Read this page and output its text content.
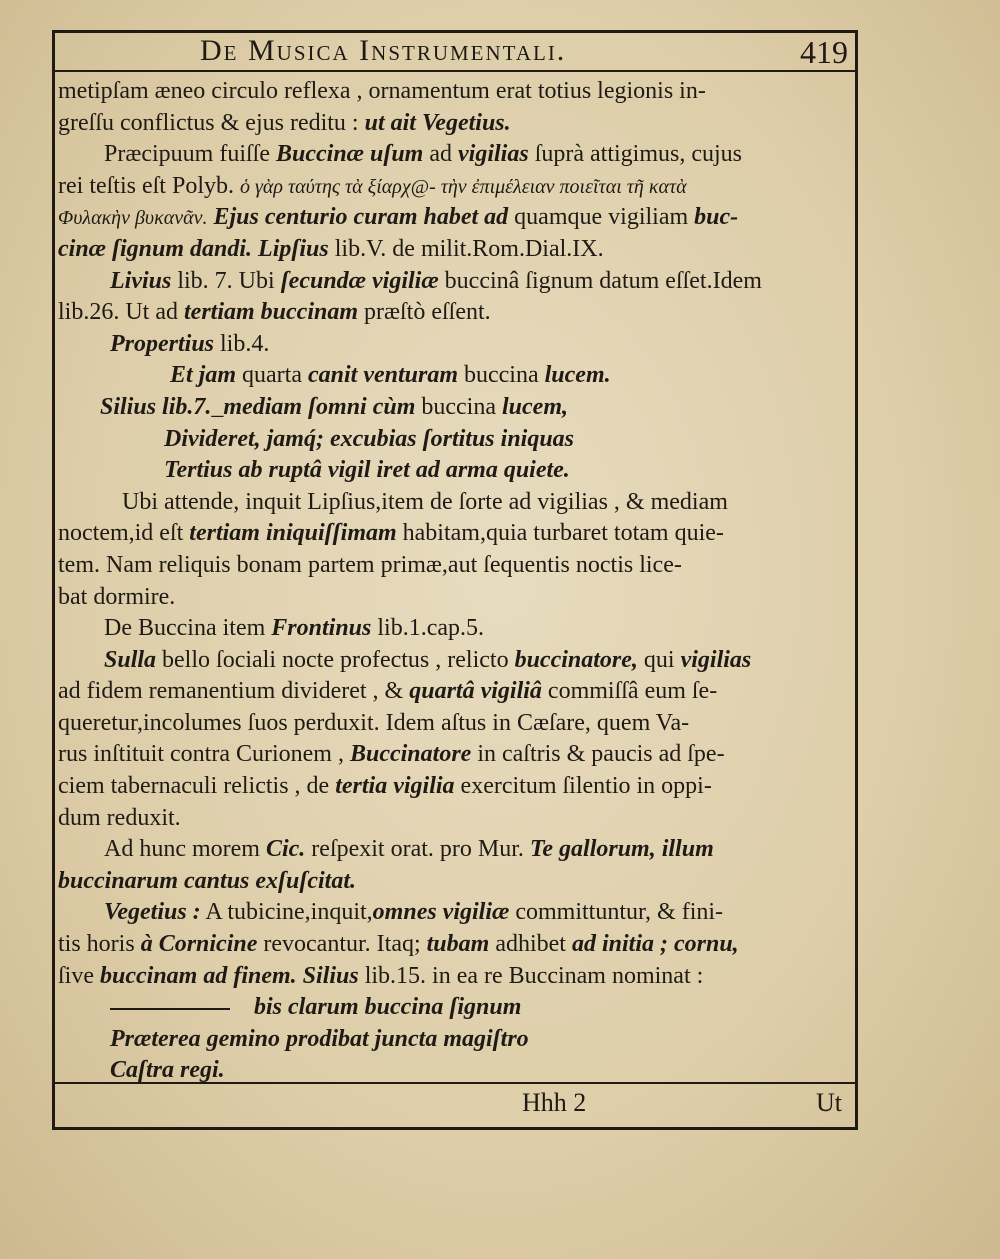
De Musica Instrumentali.	419
metipſam æneo circulo reflexa , ornamentum erat totius legionis in-
greſſu conflictus & ejus reditu : ut ait Vegetius.
Præcipuum fuiſſe Buccinæ uſum ad vigilias ſuprà attigimus, cujus
rei teſtis eſt Polyb. ὁ γὰρ ταύτης τὰ ξίαρχ@- τὴν ἐπιμέλειαν ποιεῖται τῆ κατὰ
Φυλακὴν βυκανᾶν. Ejus centurio curam habet ad quamque vigiliam buc-
cinæ ſignum dandi. Lipſius lib.V. de milit.Rom.Dial.IX.
Livius lib. 7. Ubi ſecundæ vigiliæ buccinâ ſignum datum eſſet.Idem
lib.26. Ut ad tertiam buccinam præſtò eſſent.
Propertius lib.4.
Et jam quarta canit venturam buccina lucem.
Silius lib.7._mediam ſomni cùm buccina lucem,
Divideret, jamq́; excubias ſortitus iniquas
Tertius ab ruptâ vigil iret ad arma quiete.
Ubi attende, inquit Lipſius,item de ſorte ad vigilias , & mediam
noctem,id eſt tertiam iniquiſſimam habitam,quia turbaret totam quie-
tem. Nam reliquis bonam partem primæ,aut ſequentis noctis lice-
bat dormire.
De Buccina item Frontinus lib.1.cap.5.
Sulla bello ſociali nocte profectus , relicto buccinatore, qui vigilias
ad fidem remanentium divideret , & quartâ vigiliâ commiſſâ eum ſe-
queretur,incolumes ſuos perduxit. Idem aſtus in Cæſare, quem Va-
rus inſtituit contra Curionem , Buccinatore in caſtris & paucis ad ſpe-
ciem tabernaculi relictis , de tertia vigilia exercitum ſilentio in oppi-
dum reduxit.
Ad hunc morem Cic. reſpexit orat. pro Mur. Te gallorum, illum
buccinarum cantus exſuſcitat.
Vegetius : A tubicine,inquit,omnes vigiliæ committuntur, & fini-
tis horis à Cornicine revocantur. Itaq; tubam adhibet ad initia ; cornu,
ſive buccinam ad finem. Silius lib.15. in ea re Buccinam nominat :
bis clarum buccina ſignum
Præterea gemino prodibat juncta magiſtro
Caſtra regi.
Hhh 2	Ut
